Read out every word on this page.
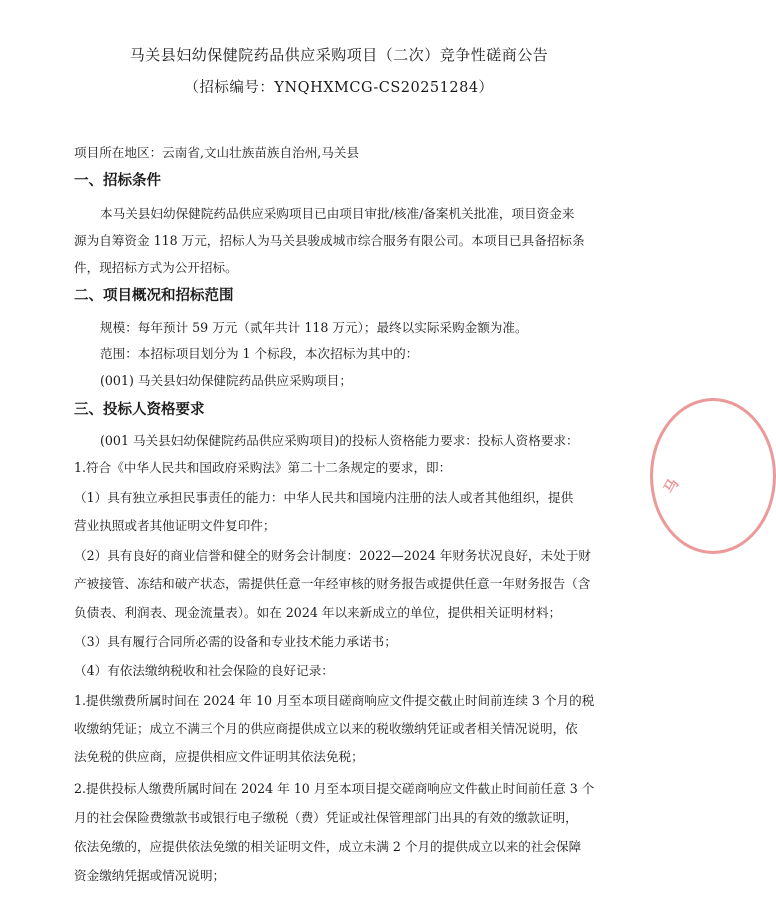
马关县妇幼保健院药品供应采购项目（二次）竞争性磋商公告
（招标编号：YNQHXMCG-CS20251284）
项目所在地区：云南省,文山壮族苗族自治州,马关县
一、招标条件
本马关县妇幼保健院药品供应采购项目已由项目审批/核准/备案机关批准，项目资金来
源为自筹资金 118 万元，招标人为马关县骏成城市综合服务有限公司。本项目已具备招标条
件，现招标方式为公开招标。
二、项目概况和招标范围
规模：每年预计 59 万元（贰年共计 118 万元）；最终以实际采购金额为准。
范围：本招标项目划分为 1 个标段，本次招标为其中的：
(001) 马关县妇幼保健院药品供应采购项目；
三、投标人资格要求
(001 马关县妇幼保健院药品供应采购项目)的投标人资格能力要求：投标人资格要求：
1.符合《中华人民共和国政府采购法》第二十二条规定的要求，即：
（1）具有独立承担民事责任的能力：中华人民共和国境内注册的法人或者其他组织，提供
营业执照或者其他证明文件复印件；
（2）具有良好的商业信誉和健全的财务会计制度：2022—2024 年财务状况良好，未处于财
产被接管、冻结和破产状态，需提供任意一年经审核的财务报告或提供任意一年财务报告（含
负债表、利润表、现金流量表）。如在 2024 年以来新成立的单位，提供相关证明材料；
（3）具有履行合同所必需的设备和专业技术能力承诺书；
（4）有依法缴纳税收和社会保险的良好记录：
1.提供缴费所属时间在 2024 年 10 月至本项目磋商响应文件提交截止时间前连续 3 个月的税
收缴纳凭证；成立不满三个月的供应商提供成立以来的税收缴纳凭证或者相关情况说明，依
法免税的供应商，应提供相应文件证明其依法免税；
2.提供投标人缴费所属时间在 2024 年 10 月至本项目提交磋商响应文件截止时间前任意 3 个
月的社会保险费缴款书或银行电子缴税（费）凭证或社保管理部门出具的有效的缴款证明，
依法免缴的，应提供依法免缴的相关证明文件，成立未满 2 个月的提供成立以来的社会保障
资金缴纳凭据或情况说明；
马
